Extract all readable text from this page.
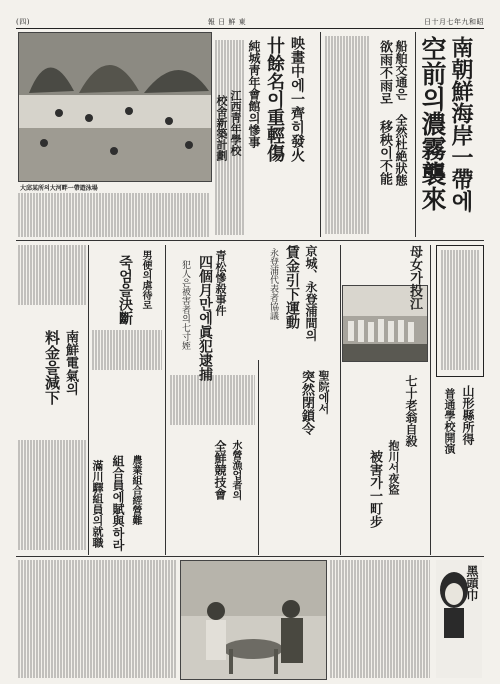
(四)	報 日 鮮 東	日十月七年九和昭
大邱某所의大河畔一帶遊泳場	南朝鮮海岸一帶에
空前의濃霧襲來
船舶交通은 全然杜絶狀態
欲雨不雨로 移秧이不能
映畫中에一齊히發火
卄餘名이重輕傷
純城靑年會館의慘事
江西靑年學校
校舍新築計劃
南鮮電氣의
料金을減下
男便의虐待로
죽엄을決斷	青松慘殺事件
四個月만에眞犯逮捕
犯人은被害者의七寸姪	京城、永登浦間의
賃金引下運動
永登浦代表者協議
聖院에서
突然閉鎖令
母女가投江
七十老翁自殺
抱川서夜盜
被害가一町步
山形縣所得
普通學校開演
水營漁업者의
全鮮競技會
農業組合經營難
組合員에賦與하라
滿川驛組員의就職
黑頭巾
